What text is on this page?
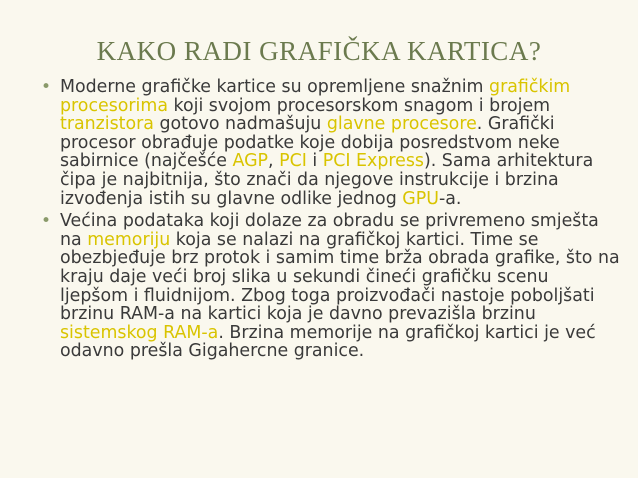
KAKO RADI GRAFIČKA KARTICA?
• Moderne grafičke kartice su opremljene snažnim grafičkim procesorima koji svojom procesorskom snagom i brojem tranzistora gotovo nadmašuju glavne procesore. Grafički procesor obrađuje podatke koje dobija posredstvom neke sabirnice (najčešće AGP, PCI i PCI Express). Sama arhitektura čipa je najbitnija, što znači da njegove instrukcije i brzina izvođenja istih su glavne odlike jednog GPU-a.
• Većina podataka koji dolaze za obradu se privremeno smješta na memoriju koja se nalazi na grafičkoj kartici. Time se obezbjeđuje brz protok i samim time brža obrada grafike, što na kraju daje veći broj slika u sekundi čineći grafičku scenu ljepšom i fluidnijom. Zbog toga proizvođači nastoje poboljšati brzinu RAM-a na kartici koja je davno prevazišla brzinu sistemskog RAM-a. Brzina memorije na grafičkoj kartici je već odavno prešla Gigahercne granice.
